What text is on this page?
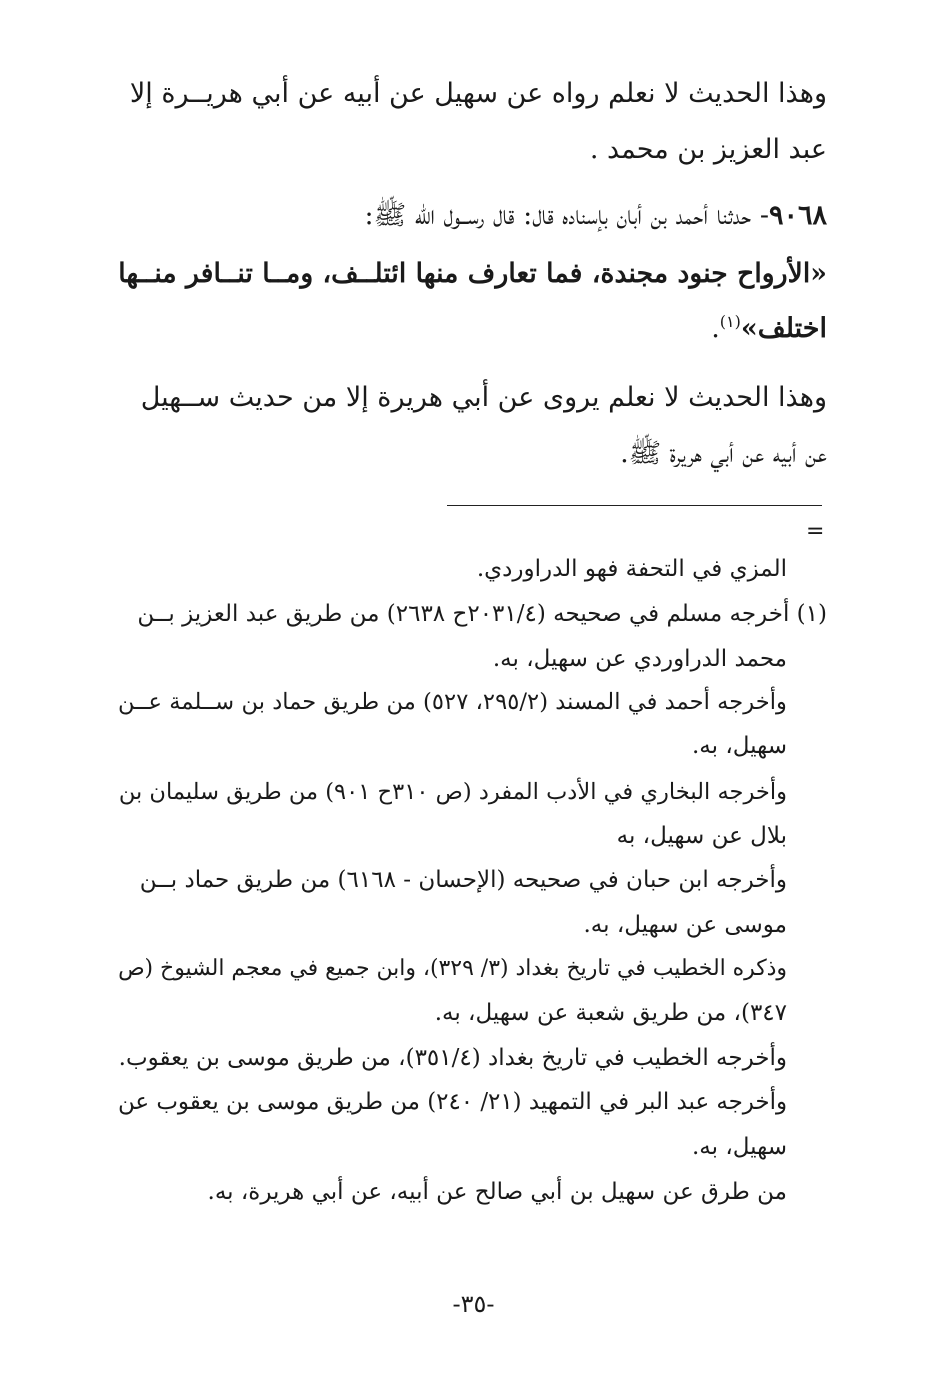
وهذا الحديث لا نعلم رواه عن سهيل عن أبيه عن أبي هريــرة إلا
عبد العزيز بن محمد .
٩٠٦٨- حدثنا أحمد بن أبان بإسناده قال: قال رســول الله ﷺ:
«الأرواح جنود مجندة، فما تعارف منها ائتلــف، ومــا تنــافر منــها
اختلف»$^{(١)}$.
وهذا الحديث لا نعلم يروى عن أبي هريرة إلا من حديث ســهيل
عن أبيه عن أبي هريرة ﷺ.
=
المزي في التحفة فهو الدراوردي.
(١) أخرجه مسلم في صحيحه (٢٠٣١/٤ح ٢٦٣٨) من طريق عبد العزيز بــن
محمد الدراوردي عن سهيل، به.
وأخرجه أحمد في المسند (٢٩٥/٢، ٥٢٧) من طريق حماد بن ســلمة عــن
سهيل، به.
وأخرجه البخاري في الأدب المفرد (ص ٣١٠ح ٩٠١) من طريق سليمان بن
بلال عن سهيل، به
وأخرجه ابن حبان في صحيحه (الإحسان - ٦١٦٨) من طريق حماد بــن
موسى عن سهيل، به.
وذكره الخطيب في تاريخ بغداد (٣/ ٣٢٩)، وابن جميع في معجم الشيوخ (ص
٣٤٧)، من طريق شعبة عن سهيل، به.
وأخرجه الخطيب في تاريخ بغداد (٣٥١/٤)، من طريق موسى بن يعقوب.
وأخرجه عبد البر في التمهيد (٢١/ ٢٤٠) من طريق موسى بن يعقوب عن
سهيل، به.
من طرق عن سهيل بن أبي صالح عن أبيه، عن أبي هريرة، به.
-٣٥-
